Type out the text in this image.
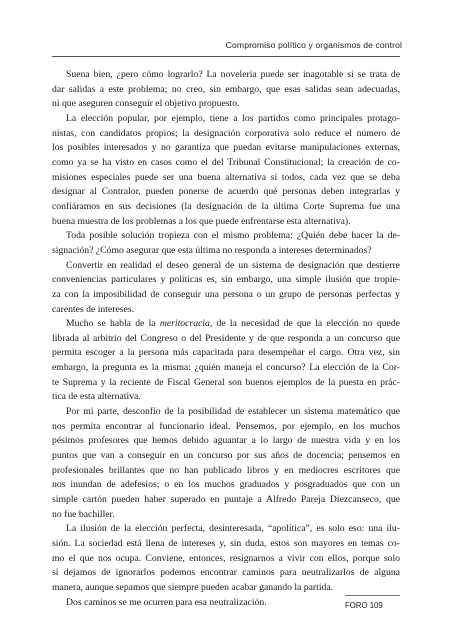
Compromiso político y organismos de control

Suena bien, ¿pero cómo lograrlo? La novelería puede ser inagotable si se trata de
dar salidas a este problema; no creo, sin embargo, que esas salidas sean adecuadas,
ni que aseguren conseguir el objetivo propuesto.

La elección popular, por ejemplo, tiene a los partidos como principales protago-
nistas, con candidatos propios; la designación corporativa solo reduce el número de
los posibles interesados y no garantiza que puedan evitarse manipulaciones externas,
como ya se ha visto en casos como el del Tribunal Constitucional; la creación de co-
misiones especiales puede ser una buena alternativa si todos, cada vez que se deba
designar al Contralor, pueden ponerse de acuerdo qué personas deben integrarlas y
confiáramos en sus decisiones (la designación de la última Corte Suprema fue una
buena muestra de los problemas a los que puede enfrentarse esta alternativa).

Toda posible solución tropieza con el mismo problema: ¿Quién debe hacer la de-
signación? ¿Cómo asegurar que esta última no responda a intereses determinados?

Convertir en realidad el deseo general de un sistema de designación que destierre
conveniencias particulares y políticas es, sin embargo, una simple ilusión que tropie-
za con la imposibilidad de conseguir una persona o un grupo de personas perfectas y
carentes de intereses.

Mucho se habla de la meritocracia, de la necesidad de que la elección no quede
librada al arbitrio del Congreso o del Presidente y de que responda a un concurso que
permita escoger a la persona más capacitada para desempeñar el cargo. Otra vez, sin
embargo, la pregunta es la misma: ¿quién maneja el concurso? La elección de la Cor-
te Suprema y la reciente de Fiscal General son buenos ejemplos de la puesta en prác-
tica de esta alternativa.

Por mi parte, desconfío de la posibilidad de establecer un sistema matemático que
nos permita encontrar al funcionario ideal. Pensemos, por ejemplo, en los muchos
pésimos profesores que hemos debido aguantar a lo largo de nuestra vida y en los
puntos que van a conseguir en un concurso por sus años de docencia; pensemos en
profesionales brillantes que no han publicado libros y en mediocres escritores que
nos inundan de adefesios; o en los muchos graduados y posgraduados que con un
simple cartón pueden haber superado en puntaje a Alfredo Pareja Diezcanseco, que
no fue bachiller.

La ilusión de la elección perfecta, desinteresada, “apolítica”, es solo eso: una ilu-
sión. La sociedad está llena de intereses y, sin duda, estos son mayores en temas co-
mo el que nos ocupa. Conviene, entonces, resignarnos a vivir con ellos, porque solo
si dejamos de ignorarlos podemos encontrar caminos para neutralizarlos de alguna
manera, aunque sepamos que siempre pueden acabar ganando la partida.

Dos caminos se me ocurren para esa neutralización.	FORO 109
